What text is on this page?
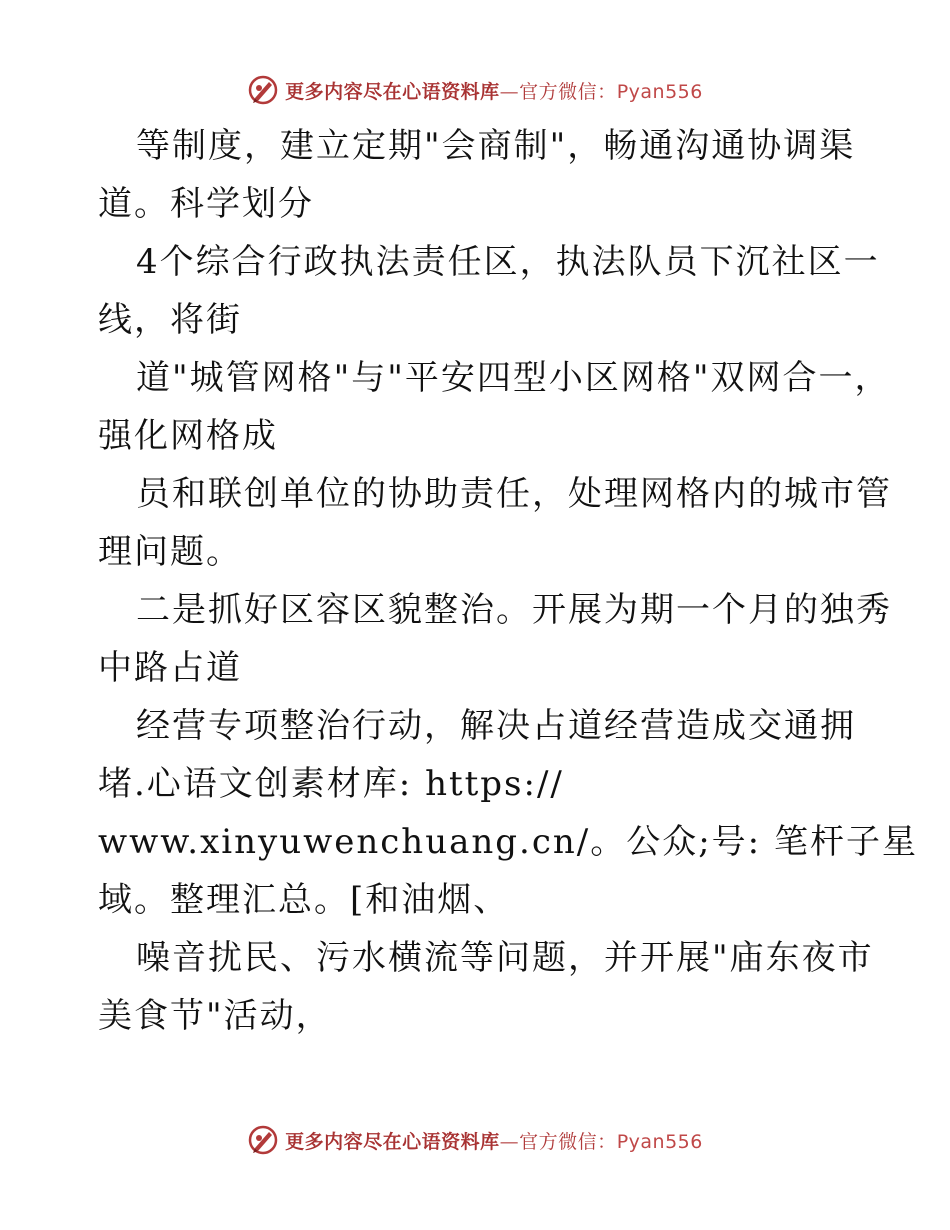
更多内容尽在心语资料库—官方微信：Pyan556
等制度，建立定期"会商制"，畅通沟通协调渠
道。科学划分
4个综合行政执法责任区，执法队员下沉社区一
线，将街
道"城管网格"与"平安四型小区网格"双网合一，
强化网格成
员和联创单位的协助责任，处理网格内的城市管
理问题。
二是抓好区容区貌整治。开展为期一个月的独秀
中路占道
经营专项整治行动，解决占道经营造成交通拥
堵.心语文创素材库: https://
www.xinyuwenchuang.cn/。公众;号: 笔杆子星
域。整理汇总。[和油烟、
噪音扰民、污水横流等问题，并开展"庙东夜市
美食节"活动，
更多内容尽在心语资料库—官方微信：Pyan556
